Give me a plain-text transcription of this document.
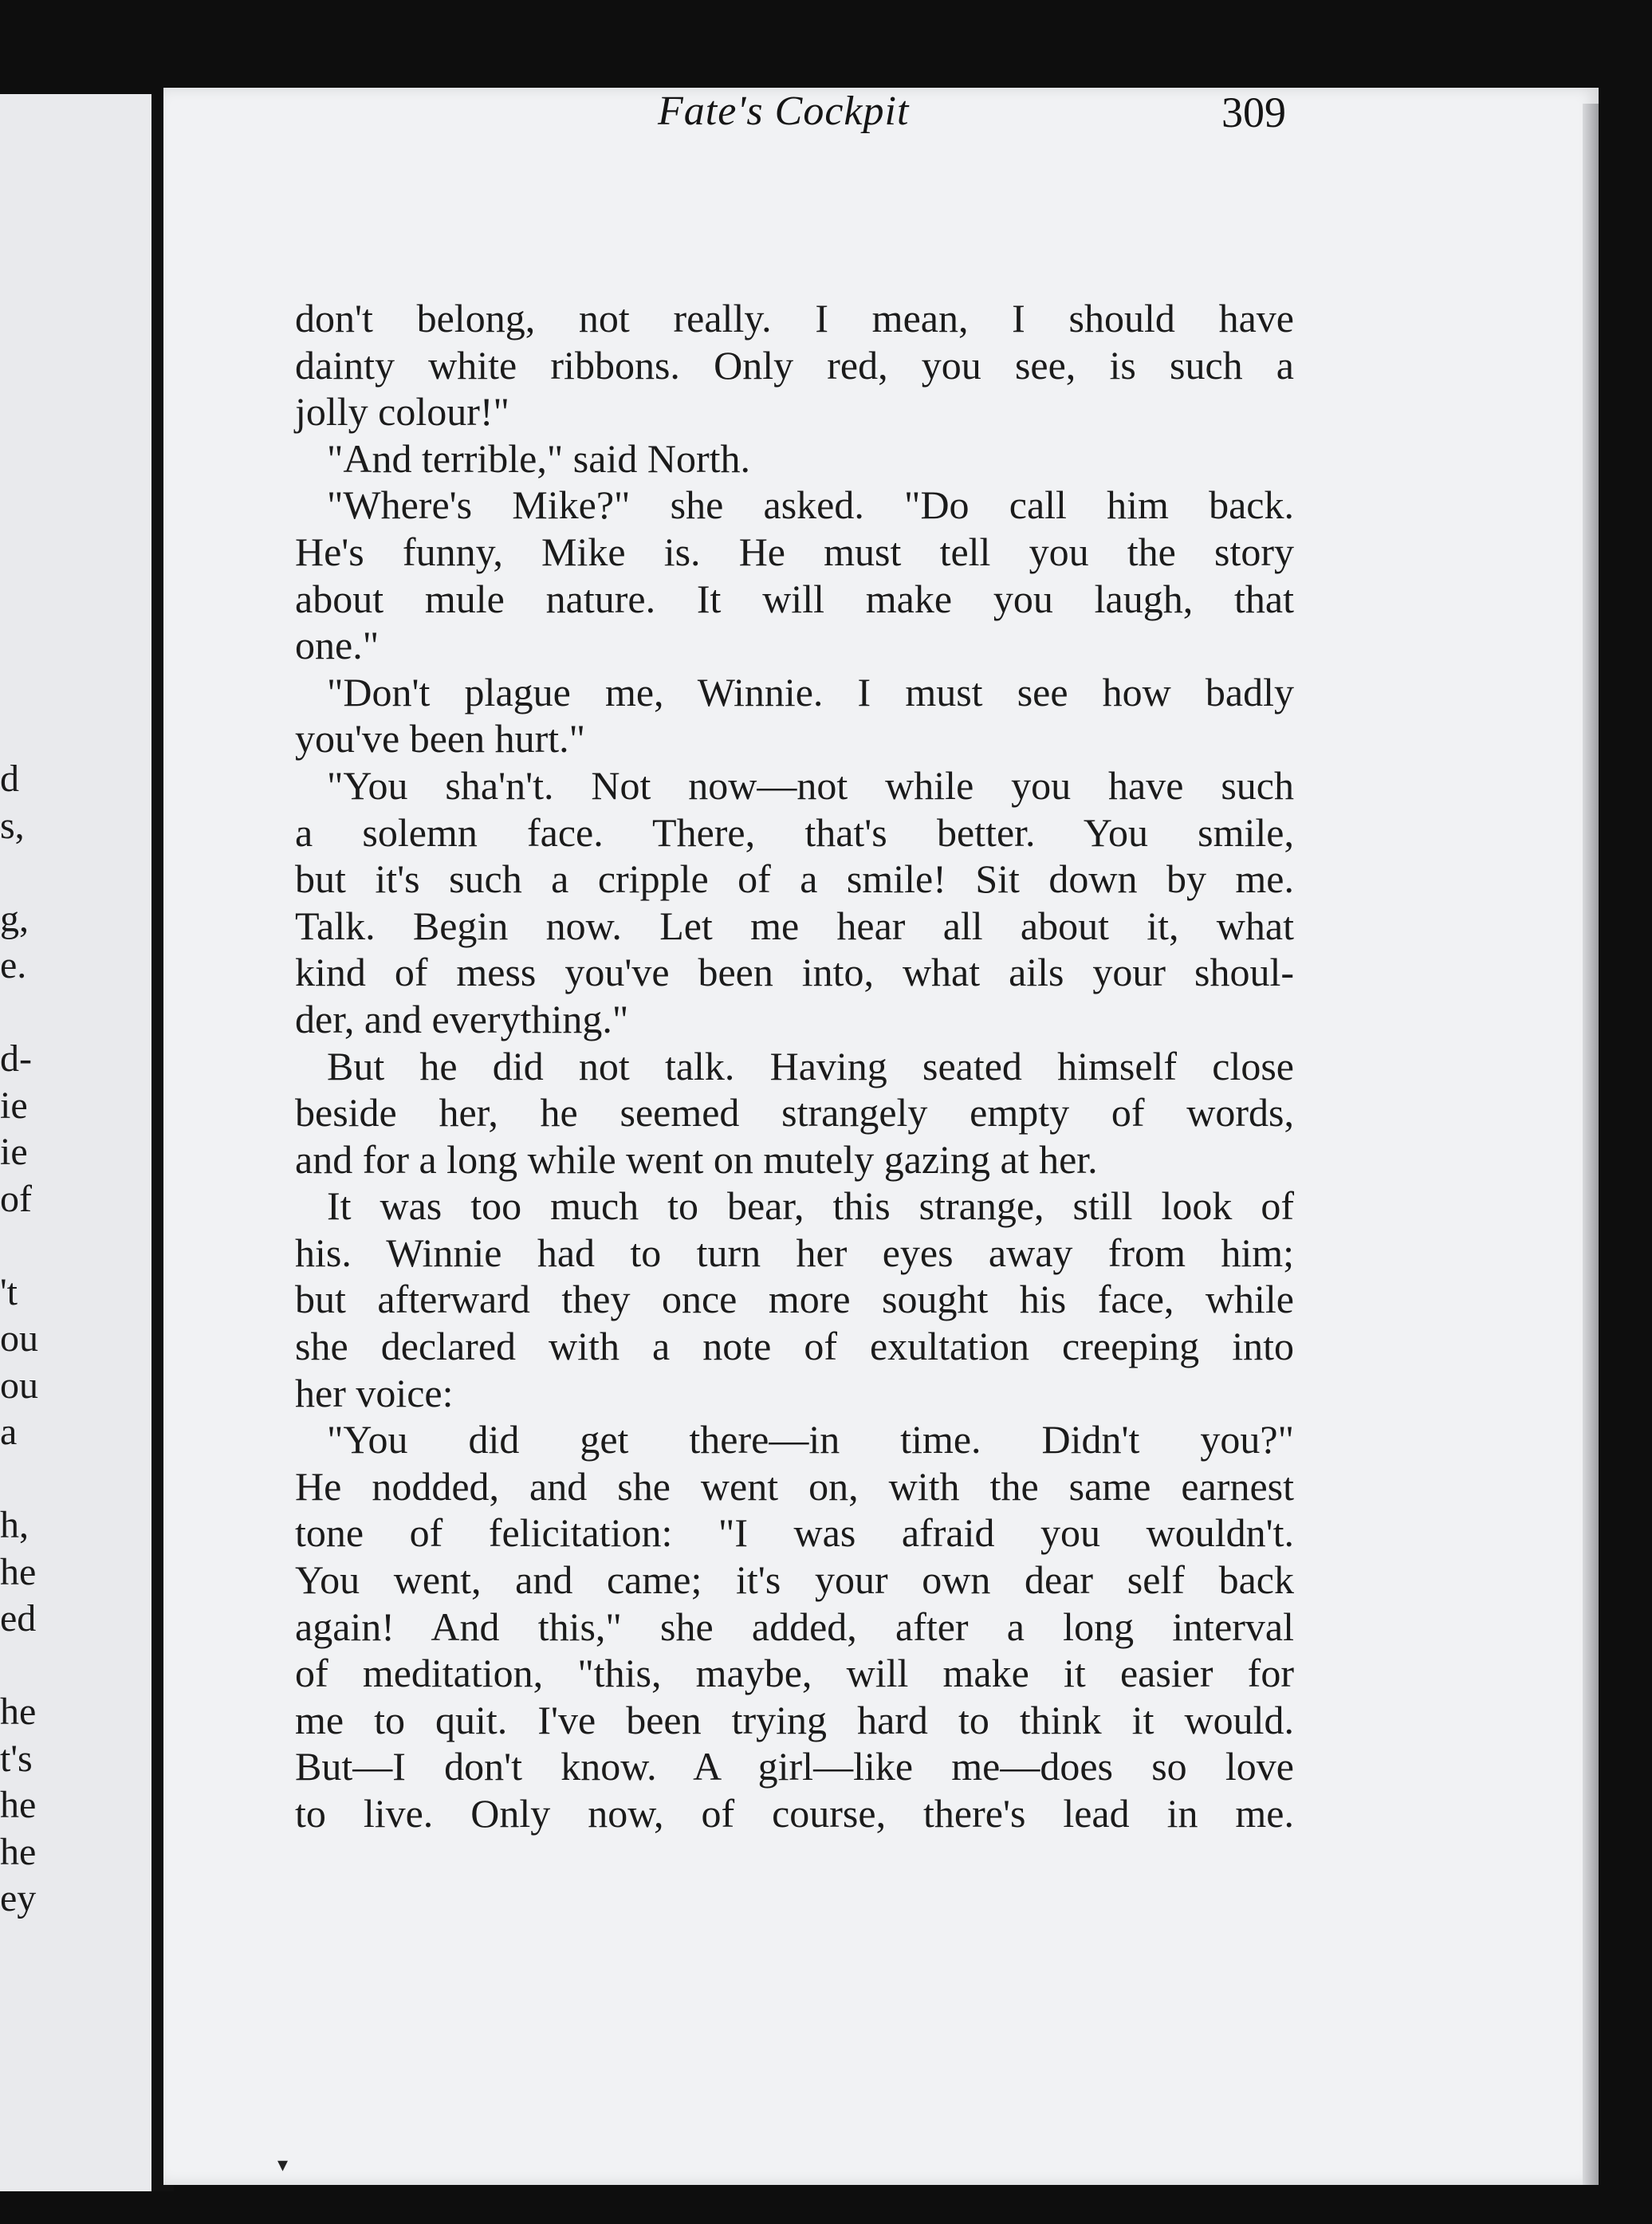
d
s,
g,
e.
d-
ie
ie
of
't
ou
ou
a
h,
he
ed
he
t's
he
he
ey
Fate's Cockpit	309
don't belong, not really. I mean, I should have
dainty white ribbons. Only red, you see, is such a
jolly colour!"
"And terrible," said North.
"Where's Mike?" she asked. "Do call him back.
He's funny, Mike is. He must tell you the story
about mule nature. It will make you laugh, that
one."
"Don't plague me, Winnie. I must see how badly
you've been hurt."
"You sha'n't. Not now—not while you have such
a solemn face. There, that's better. You smile,
but it's such a cripple of a smile! Sit down by me.
Talk. Begin now. Let me hear all about it, what
kind of mess you've been into, what ails your shoul-
der, and everything."
But he did not talk. Having seated himself close
beside her, he seemed strangely empty of words,
and for a long while went on mutely gazing at her.
It was too much to bear, this strange, still look of
his. Winnie had to turn her eyes away from him;
but afterward they once more sought his face, while
she declared with a note of exultation creeping into
her voice:
"You did get there—in time. Didn't you?"
He nodded, and she went on, with the same earnest
tone of felicitation: "I was afraid you wouldn't.
You went, and came; it's your own dear self back
again! And this," she added, after a long interval
of meditation, "this, maybe, will make it easier for
me to quit. I've been trying hard to think it would.
But—I don't know. A girl—like me—does so love
to live. Only now, of course, there's lead in me.
▾
